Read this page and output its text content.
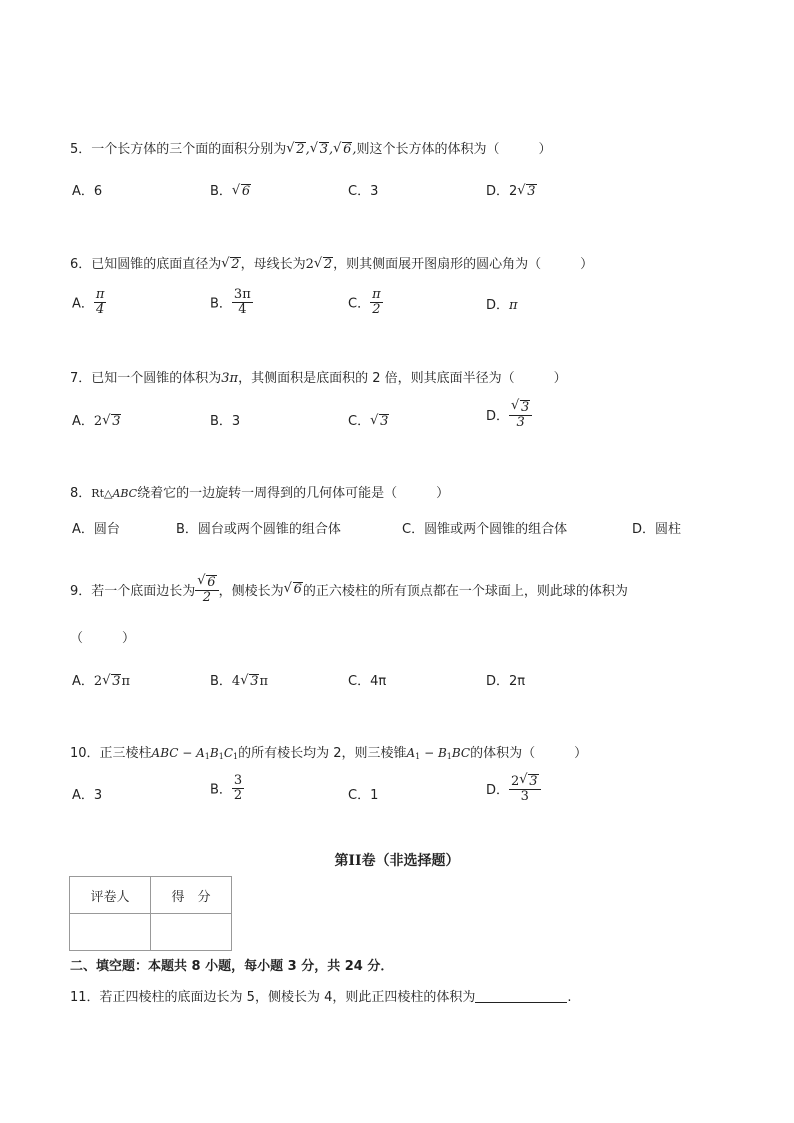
5．一个长方体的三个面的面积分别为 √ 2, √ 3, √ 6,则这个长方体的体积为（　　　）
A．6	B． √ 6	C．3	D．2 √ 3
6．已知圆锥的底面直径为 √ 2，母线长为2 √ 2，则其侧面展开图扇形的圆心角为（　　　）
A． $\frac{\pi}{4}$	B． $\frac{3\pi}{4}$	C． $\frac{\pi}{2}$	D．π
7．已知一个圆锥的体积为3π，其侧面积是底面积的 2 倍，则其底面半径为（　　　）
A．2 √ 3	B．3	C． √ 3	D． √ $\frac{3}{3}$
8．Rt△ABC绕着它的一边旋转一周得到的几何体可能是（　　　）
A．圆台	B．圆台或两个圆锥的组合体	C．圆锥或两个圆锥的组合体	D．圆柱
9．若一个底面边长为 √ $\frac{6}{2}$ ，侧棱长为 √ 6的正六棱柱的所有顶点都在一个球面上，则此球的体积为
（　　　）
A．2 √ 3π	B．4 √ 3π	C．4π	D．2π
10．正三棱柱ABC − $A_1B_1C_1$的所有棱长均为 2，则三棱锥$A_1 - B_1BC$的体积为（　　　）
A．3	B． $\frac{3}{2}$	C．1	D． $\frac{2 √ 3}{3}$
第II卷（非选择题）
评卷人	得　分

二、填空题：本题共 8 小题，每小题 3 分，共 24 分．
11．若正四棱柱的底面边长为 5，侧棱长为 4，则此正四棱柱的体积为	.
